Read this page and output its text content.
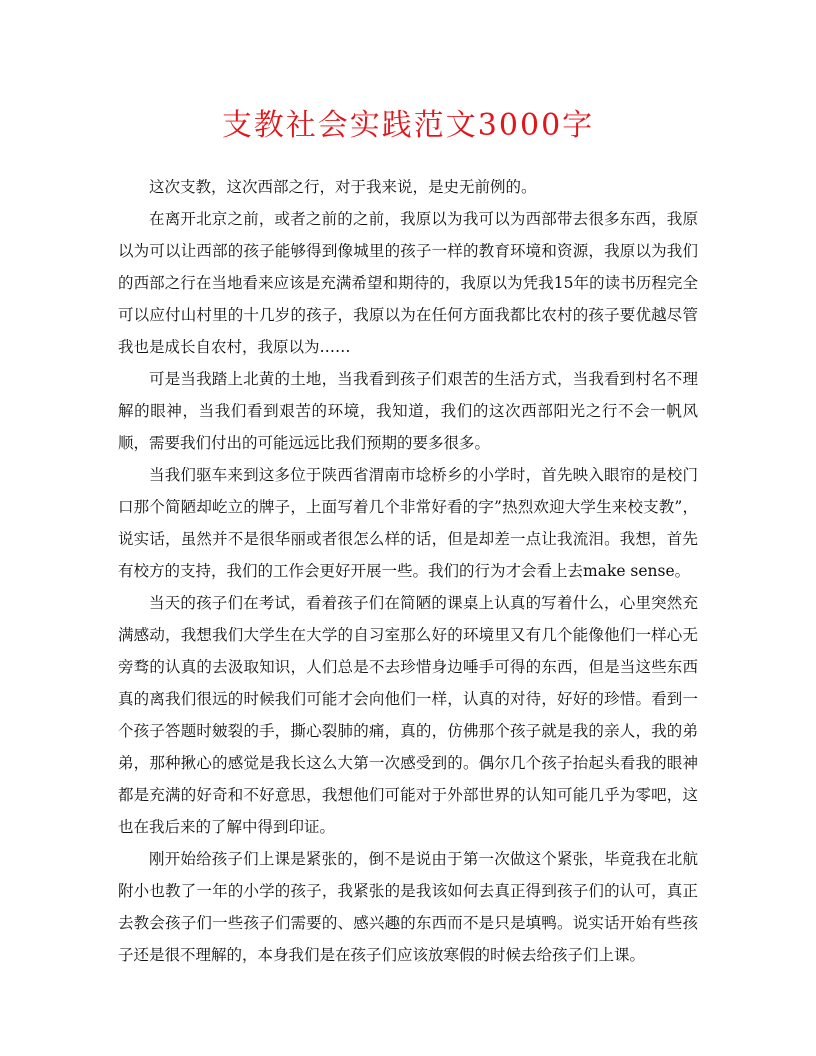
支教社会实践范文3000字

这次支教，这次西部之行，对于我来说，是史无前例的。

在离开北京之前，或者之前的之前，我原以为我可以为西部带去很多东西，我原以为可以让西部的孩子能够得到像城里的孩子一样的教育环境和资源，我原以为我们的西部之行在当地看来应该是充满希望和期待的，我原以为凭我15年的读书历程完全可以应付山村里的十几岁的孩子，我原以为在任何方面我都比农村的孩子要优越尽管我也是成长自农村，我原以为……

可是当我踏上北黄的土地，当我看到孩子们艰苦的生活方式，当我看到村名不理解的眼神，当我们看到艰苦的环境，我知道，我们的这次西部阳光之行不会一帆风顺，需要我们付出的可能远远比我们预期的要多很多。

当我们驱车来到这多位于陕西省渭南市埝桥乡的小学时，首先映入眼帘的是校门口那个简陋却屹立的牌子，上面写着几个非常好看的字”热烈欢迎大学生来校支教”，说实话，虽然并不是很华丽或者很怎么样的话，但是却差一点让我流泪。我想，首先有校方的支持，我们的工作会更好开展一些。我们的行为才会看上去make sense。

当天的孩子们在考试，看着孩子们在简陋的课桌上认真的写着什么，心里突然充满感动，我想我们大学生在大学的自习室那么好的环境里又有几个能像他们一样心无旁骛的认真的去汲取知识，人们总是不去珍惜身边唾手可得的东西，但是当这些东西真的离我们很远的时候我们可能才会向他们一样，认真的对待，好好的珍惜。看到一个孩子答题时皴裂的手，撕心裂肺的痛，真的，仿佛那个孩子就是我的亲人，我的弟弟，那种揪心的感觉是我长这么大第一次感受到的。偶尔几个孩子抬起头看我的眼神都是充满的好奇和不好意思，我想他们可能对于外部世界的认知可能几乎为零吧，这也在我后来的了解中得到印证。

刚开始给孩子们上课是紧张的，倒不是说由于第一次做这个紧张，毕竟我在北航附小也教了一年的小学的孩子，我紧张的是我该如何去真正得到孩子们的认可，真正去教会孩子们一些孩子们需要的、感兴趣的东西而不是只是填鸭。说实话开始有些孩子还是很不理解的，本身我们是在孩子们应该放寒假的时候去给孩子们上课。
